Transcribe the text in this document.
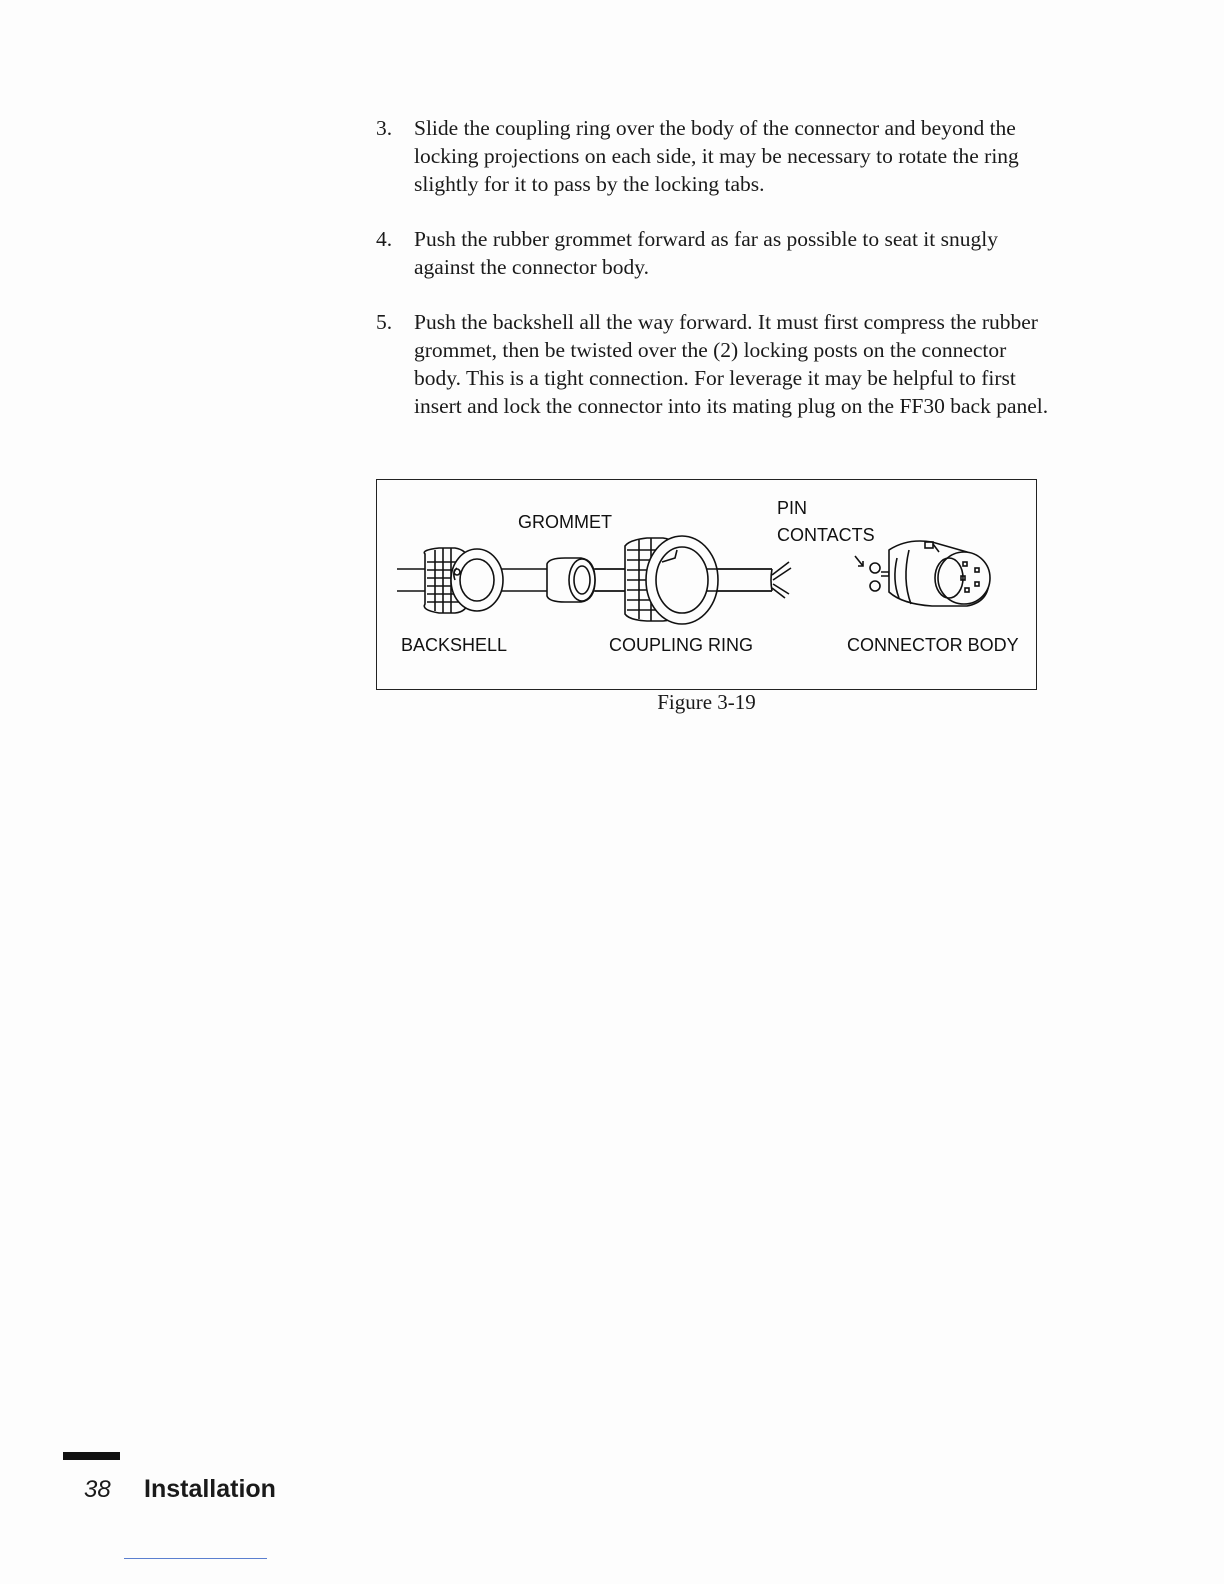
3.	Slide the coupling ring over the body of the connector and beyond the locking projections on each side, it may be necessary to rotate the ring slightly for it to pass by the locking tabs.
4.	Push the rubber grommet forward as far as possible to seat it snugly against the connector body.
5.	Push the backshell all the way forward. It must first compress the rubber grommet, then be twisted over the (2) locking posts on the connector body. This is a tight connection. For leverage it may be helpful to first insert and lock the connector into its mating plug on the FF30 back panel.
GROMMET
PIN
CONTACTS
BACKSHELL	COUPLING RING	CONNECTOR BODY
Figure 3-19
38 Installation
